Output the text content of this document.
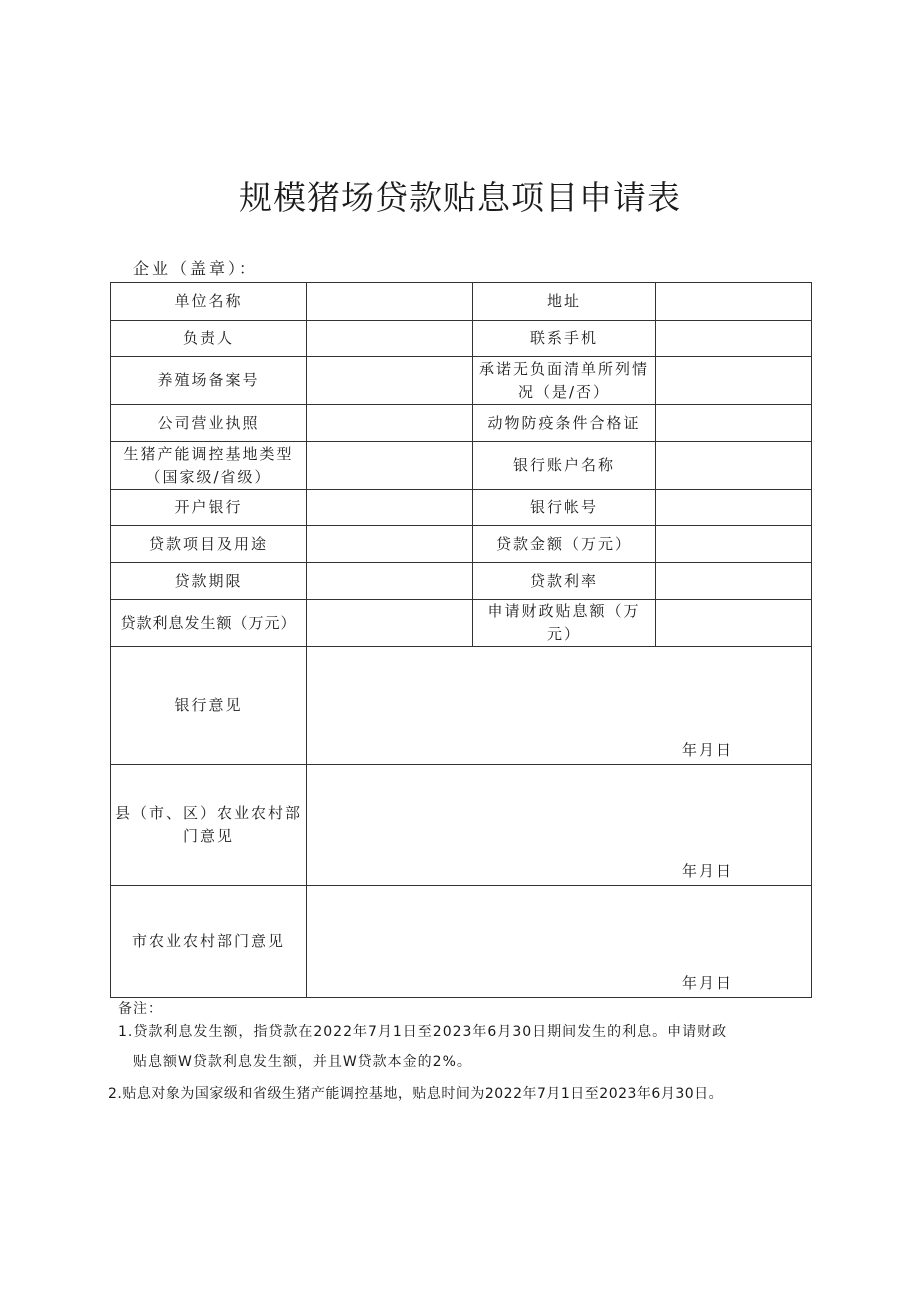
规模猪场贷款贴息项目申请表
企业（盖章）：
单位名称		地址	
负责人		联系手机	
养殖场备案号		承诺无负面清单所列情况（是/否）	
公司营业执照		动物防疫条件合格证	
生猪产能调控基地类型（国家级/省级）		银行账户名称	
开户银行		银行帐号	
贷款项目及用途		贷款金额（万元）	
贷款期限		贷款利率	
贷款利息发生额（万元）		申请财政贴息额（万元）	
银行意见	年月日		

县（市、区）农业农村部门意见	年月日		

市农业农村部门意见	年月日		
备注：
1.贷款利息发生额，指贷款在2022年7月1日至2023年6月30日期间发生的利息。申请财政
贴息额W贷款利息发生额，并且W贷款本金的2%。
2.贴息对象为国家级和省级生猪产能调控基地，贴息时间为2022年7月1日至2023年6月30日。
